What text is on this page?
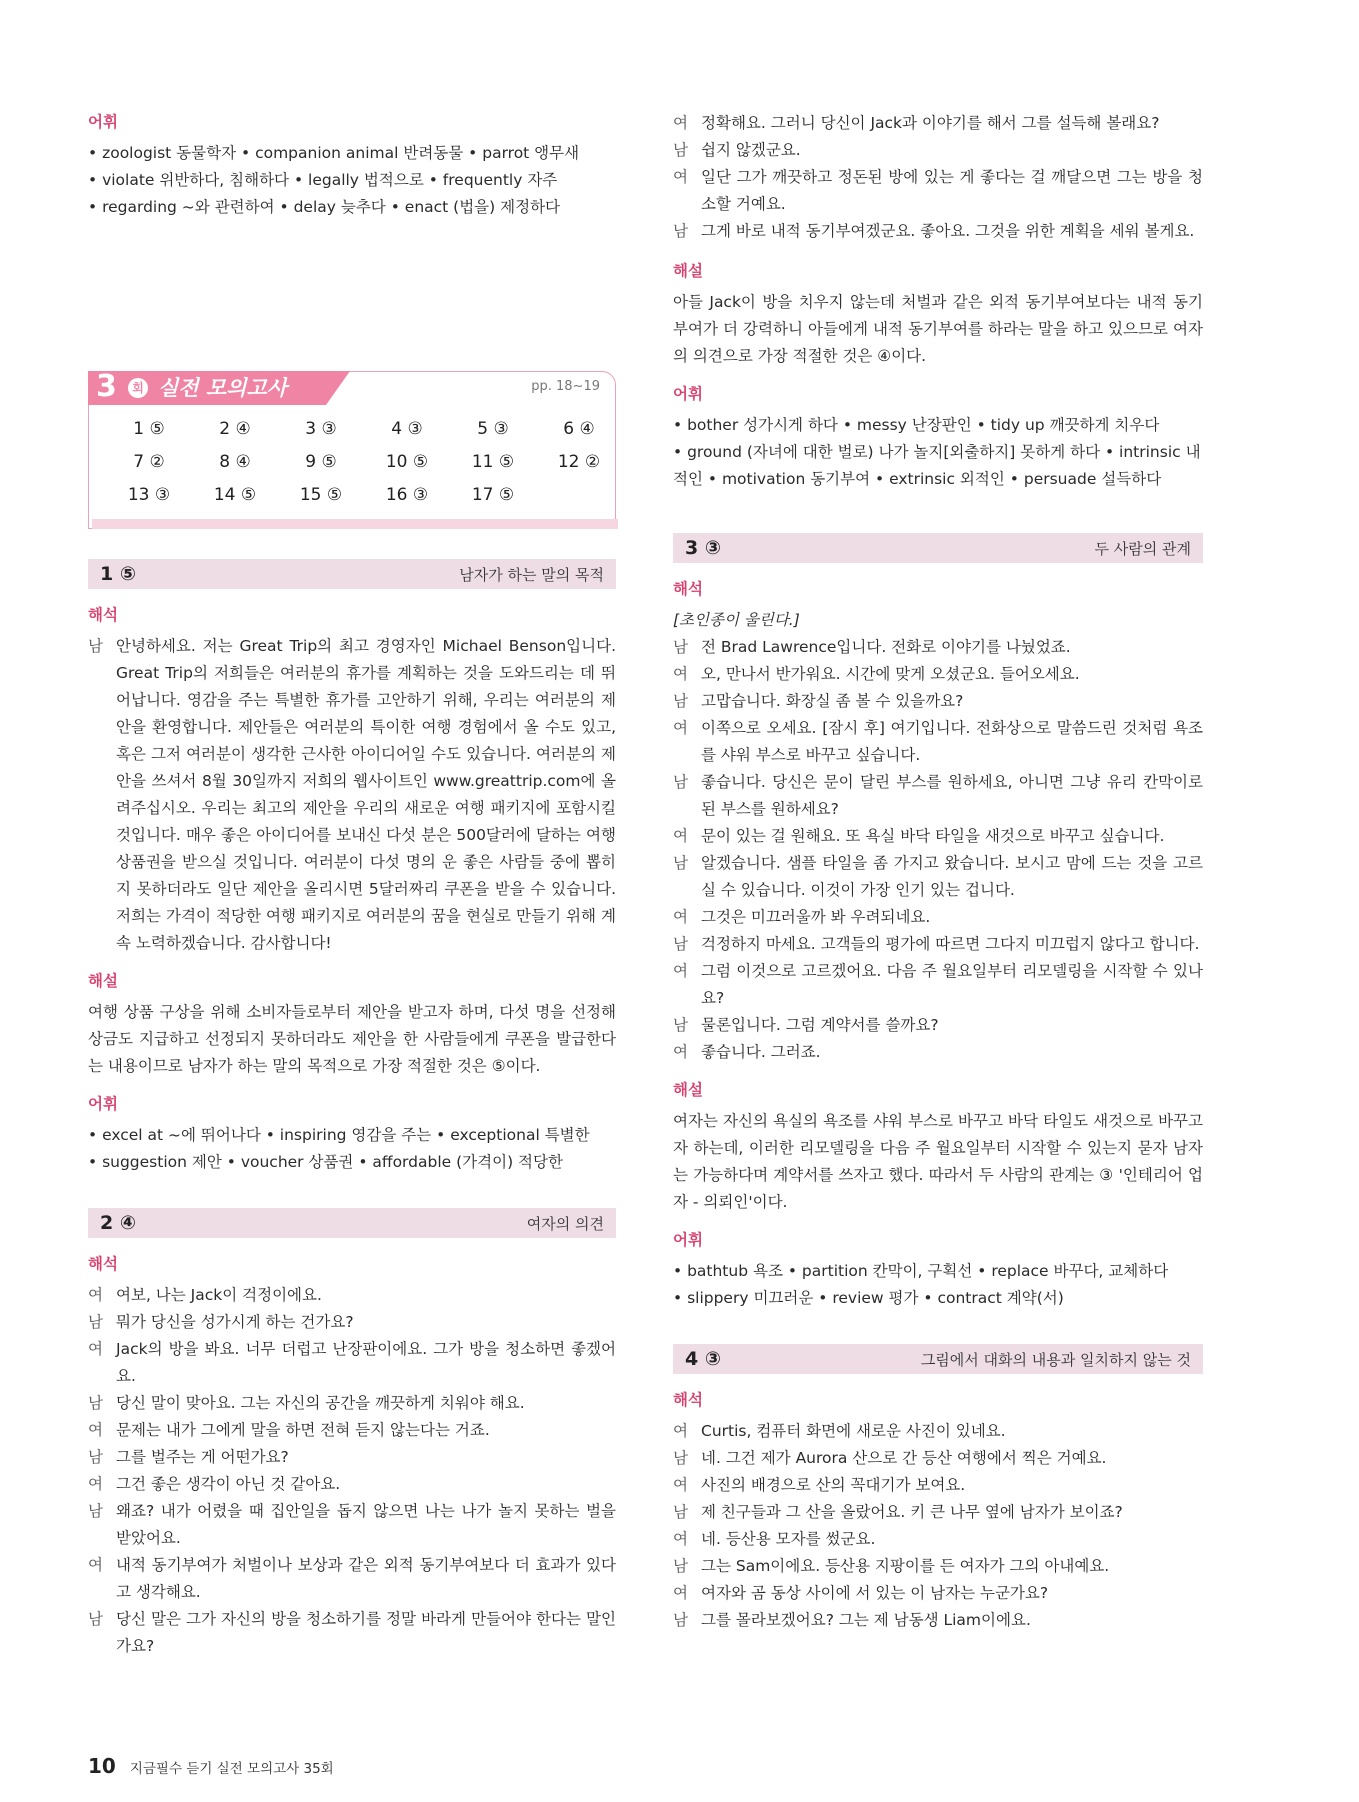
어휘

• zoologist 동물학자 • companion animal 반려동물 • parrot 앵무새

• violate 위반하다, 침해하다 • legally 법적으로 • frequently 자주

• regarding ~와 관련하여 • delay 늦추다 • enact (법을) 제정하다

3	회 실전 모의고사	pp. 18~19
1 ⑤	2 ④	3 ③	4 ③	5 ③	6 ④
7 ②	8 ④	9 ⑤	10 ⑤	11 ⑤	12 ②
13 ③	14 ⑤	15 ⑤	16 ③	17 ⑤
1 ⑤	남자가 하는 말의 목적
해석
남 안녕하세요. 저는 Great Trip의 최고 경영자인 Michael Benson입니다. Great Trip의 저희들은 여러분의 휴가를 계획하는 것을 도와드리는 데 뛰어납니다. 영감을 주는 특별한 휴가를 고안하기 위해, 우리는 여러분의 제안을 환영합니다. 제안들은 여러분의 특이한 여행 경험에서 올 수도 있고, 혹은 그저 여러분이 생각한 근사한 아이디어일 수도 있습니다. 여러분의 제안을 쓰셔서 8월 30일까지 저희의 웹사이트인 www.greattrip.com에 올려주십시오. 우리는 최고의 제안을 우리의 새로운 여행 패키지에 포함시킬 것입니다. 매우 좋은 아이디어를 보내신 다섯 분은 500달러에 달하는 여행 상품권을 받으실 것입니다. 여러분이 다섯 명의 운 좋은 사람들 중에 뽑히지 못하더라도 일단 제안을 올리시면 5달러짜리 쿠폰을 받을 수 있습니다. 저희는 가격이 적당한 여행 패키지로 여러분의 꿈을 현실로 만들기 위해 계속 노력하겠습니다. 감사합니다!
해설

여행 상품 구상을 위해 소비자들로부터 제안을 받고자 하며, 다섯 명을 선정해 상금도 지급하고 선정되지 못하더라도 제안을 한 사람들에게 쿠폰을 발급한다는 내용이므로 남자가 하는 말의 목적으로 가장 적절한 것은 ⑤이다.

어휘

• excel at ~에 뛰어나다 • inspiring 영감을 주는 • exceptional 특별한

• suggestion 제안 • voucher 상품권 • affordable (가격이) 적당한

2 ④	여자의 의견
해석
여 여보, 나는 Jack이 걱정이에요.
남 뭐가 당신을 성가시게 하는 건가요?
여 Jack의 방을 봐요. 너무 더럽고 난장판이에요. 그가 방을 청소하면 좋겠어요.
남 당신 말이 맞아요. 그는 자신의 공간을 깨끗하게 치워야 해요.
여 문제는 내가 그에게 말을 하면 전혀 듣지 않는다는 거죠.
남 그를 벌주는 게 어떤가요?
여 그건 좋은 생각이 아닌 것 같아요.
남 왜죠? 내가 어렸을 때 집안일을 돕지 않으면 나는 나가 놀지 못하는 벌을 받았어요.
여 내적 동기부여가 처벌이나 보상과 같은 외적 동기부여보다 더 효과가 있다고 생각해요.
남 당신 말은 그가 자신의 방을 청소하기를 정말 바라게 만들어야 한다는 말인가요?
여 정확해요. 그러니 당신이 Jack과 이야기를 해서 그를 설득해 볼래요?
남 쉽지 않겠군요.
여 일단 그가 깨끗하고 정돈된 방에 있는 게 좋다는 걸 깨달으면 그는 방을 청소할 거예요.
남 그게 바로 내적 동기부여겠군요. 좋아요. 그것을 위한 계획을 세워 볼게요.
해설

아들 Jack이 방을 치우지 않는데 처벌과 같은 외적 동기부여보다는 내적 동기부여가 더 강력하니 아들에게 내적 동기부여를 하라는 말을 하고 있으므로 여자의 의견으로 가장 적절한 것은 ④이다.

어휘

• bother 성가시게 하다 • messy 난장판인 • tidy up 깨끗하게 치우다

• ground (자녀에 대한 벌로) 나가 놀지[외출하지] 못하게 하다 • intrinsic 내적인 • motivation 동기부여 • extrinsic 외적인 • persuade 설득하다

3 ③	두 사람의 관계
해석

[초인종이 울린다.]

남 전 Brad Lawrence입니다. 전화로 이야기를 나눴었죠.
여 오, 만나서 반가워요. 시간에 맞게 오셨군요. 들어오세요.
남 고맙습니다. 화장실 좀 볼 수 있을까요?
여 이쪽으로 오세요. [잠시 후] 여기입니다. 전화상으로 말씀드린 것처럼 욕조를 샤워 부스로 바꾸고 싶습니다.
남 좋습니다. 당신은 문이 달린 부스를 원하세요, 아니면 그냥 유리 칸막이로 된 부스를 원하세요?
여 문이 있는 걸 원해요. 또 욕실 바닥 타일을 새것으로 바꾸고 싶습니다.
남 알겠습니다. 샘플 타일을 좀 가지고 왔습니다. 보시고 맘에 드는 것을 고르실 수 있습니다. 이것이 가장 인기 있는 겁니다.
여 그것은 미끄러울까 봐 우려되네요.
남 걱정하지 마세요. 고객들의 평가에 따르면 그다지 미끄럽지 않다고 합니다.
여 그럼 이것으로 고르겠어요. 다음 주 월요일부터 리모델링을 시작할 수 있나요?
남 물론입니다. 그럼 계약서를 쓸까요?
여 좋습니다. 그러죠.
해설

여자는 자신의 욕실의 욕조를 샤워 부스로 바꾸고 바닥 타일도 새것으로 바꾸고자 하는데, 이러한 리모델링을 다음 주 월요일부터 시작할 수 있는지 묻자 남자는 가능하다며 계약서를 쓰자고 했다. 따라서 두 사람의 관계는 ③ '인테리어 업자 - 의뢰인'이다.

어휘

• bathtub 욕조 • partition 칸막이, 구획선 • replace 바꾸다, 교체하다

• slippery 미끄러운 • review 평가 • contract 계약(서)

4 ③	그림에서 대화의 내용과 일치하지 않는 것
해석
여 Curtis, 컴퓨터 화면에 새로운 사진이 있네요.
남 네. 그건 제가 Aurora 산으로 간 등산 여행에서 찍은 거예요.
여 사진의 배경으로 산의 꼭대기가 보여요.
남 제 친구들과 그 산을 올랐어요. 키 큰 나무 옆에 남자가 보이죠?
여 네. 등산용 모자를 썼군요.
남 그는 Sam이에요. 등산용 지팡이를 든 여자가 그의 아내예요.
여 여자와 곰 동상 사이에 서 있는 이 남자는 누군가요?
남 그를 몰라보겠어요? 그는 제 남동생 Liam이에요.
10 지금필수 듣기 실전 모의고사 35회
